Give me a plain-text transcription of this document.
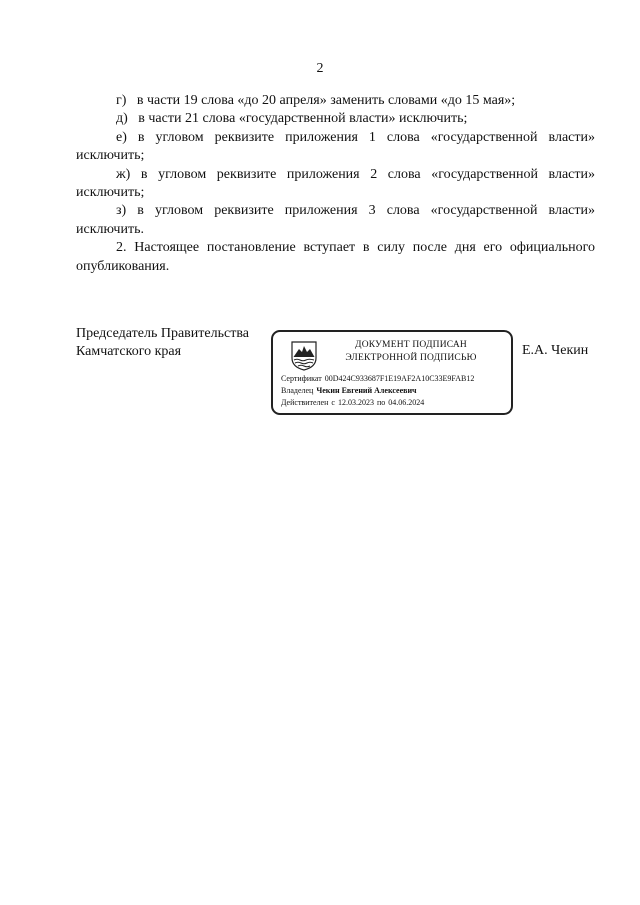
2

г)   в части 19 слова «до 20 апреля» заменить словами «до 15 мая»;

д)   в части 21 слова «государственной власти» исключить;

е) в угловом реквизите приложения 1 слова «государственной власти» исключить;

ж) в угловом реквизите приложения 2 слова «государственной власти» исключить;

з) в угловом реквизите приложения 3 слова «государственной власти» исключить.

2. Настоящее постановление вступает в силу после дня его официального опубликования.

Председатель Правительства
Камчатского края	ДОКУМЕНТ ПОДПИСАН
ЭЛЕКТРОННОЙ ПОДПИСЬЮ
Сертификат 00D424C933687F1E19AF2A10C33E9FAB12
Владелец Чекин Евгений Алексеевич
Действителен с 12.03.2023 по 04.06.2024
Е.А. Чекин
